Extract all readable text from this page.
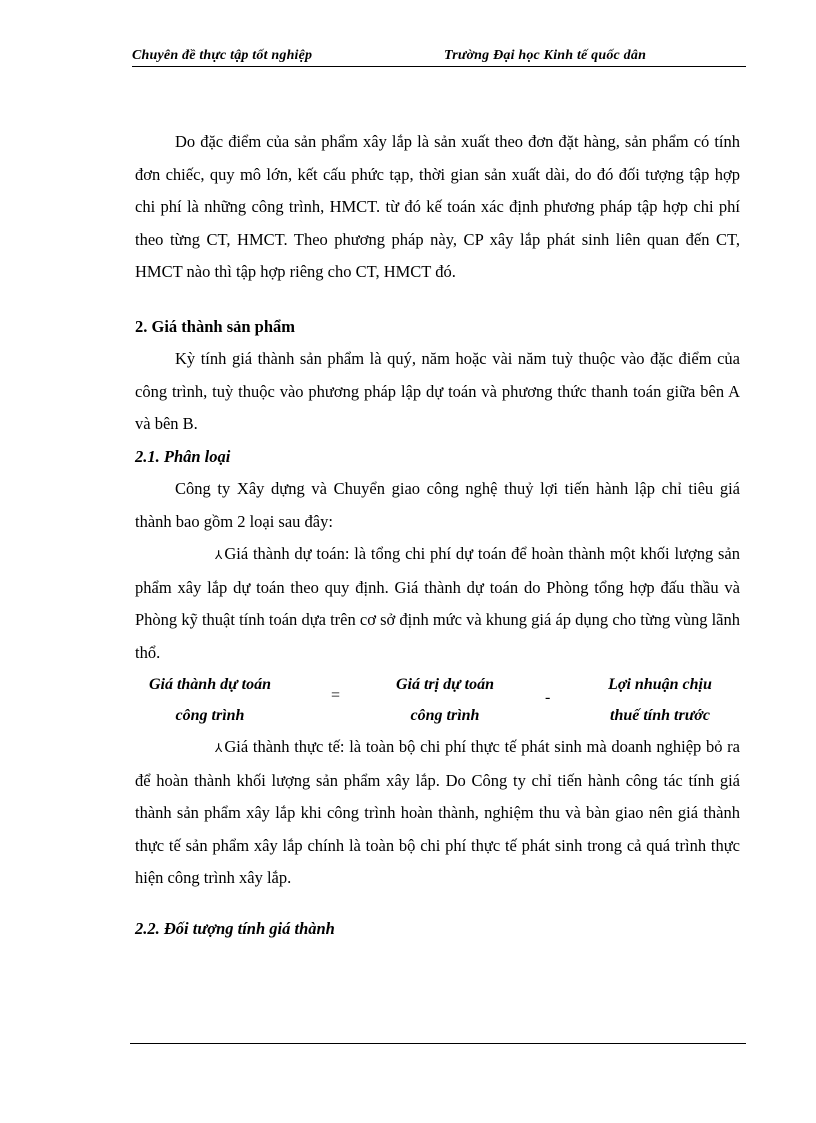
Chuyên đề thực tập tốt nghiệp	Trường Đại học Kinh tế quốc dân

Do đặc điểm của sản phẩm xây lắp là sản xuất theo đơn đặt hàng, sản phẩm có tính đơn chiếc, quy mô lớn, kết cấu phức tạp, thời gian sản xuất dài, do đó đối tượng tập hợp chi phí là những công trình, HMCT. từ đó kế toán xác định phương pháp tập hợp chi phí theo từng CT, HMCT. Theo phương pháp này, CP xây lắp phát sinh liên quan đến CT, HMCT nào thì tập hợp riêng cho CT, HMCT đó.

2. Giá thành sản phẩm

Kỳ tính giá thành sản phẩm là quý, năm hoặc vài năm tuỳ thuộc vào đặc điểm của công trình, tuỳ thuộc vào phương pháp lập dự toán và phương thức thanh toán giữa bên A và bên B.

2.1. Phân loại

Công ty Xây dựng và Chuyển giao công nghệ thuỷ lợi tiến hành lập chỉ tiêu giá thành bao gồm 2 loại sau đây:

⅄ Giá thành dự toán: là tổng chi phí dự toán để hoàn thành một khối lượng sản phẩm xây lắp dự toán theo quy định. Giá thành dự toán do Phòng tổng hợp đấu thầu và Phòng kỹ thuật tính toán dựa trên cơ sở định mức và khung giá áp dụng cho từng vùng lãnh thổ.

Giá thành dự toán
công trình
=
Giá trị dự toán
công trình
-
Lợi nhuận chịu
thuế tính trước

⅄ Giá thành thực tế: là toàn bộ chi phí thực tế phát sinh mà doanh nghiệp bỏ ra để hoàn thành khối lượng sản phẩm xây lắp. Do Công ty chỉ tiến hành công tác tính giá thành sản phẩm xây lắp khi công trình hoàn thành, nghiệm thu và bàn giao nên giá thành thực tế sản phẩm xây lắp chính là toàn bộ chi phí thực tế phát sinh trong cả quá trình thực hiện công trình xây lắp.

2.2. Đối tượng tính giá thành
